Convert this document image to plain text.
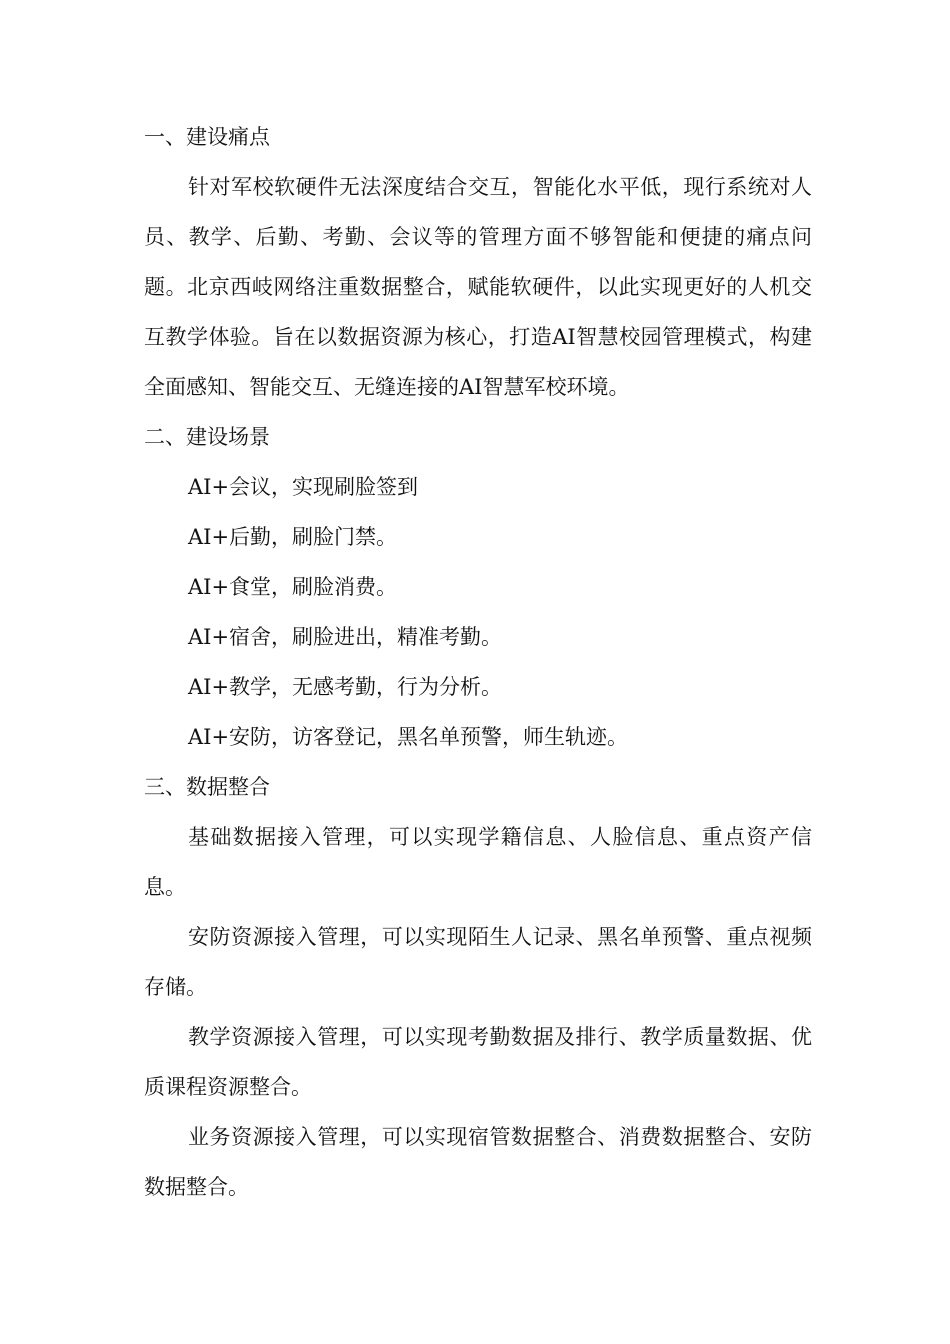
一、建设痛点

针对军校软硬件无法深度结合交互，智能化水平低，现行系统对人员、教学、后勤、考勤、会议等的管理方面不够智能和便捷的痛点问题。北京西岐网络注重数据整合，赋能软硬件，以此实现更好的人机交互教学体验。旨在以数据资源为核心，打造AI智慧校园管理模式，构建全面感知、智能交互、无缝连接的AI智慧军校环境。

二、建设场景

AI+会议，实现刷脸签到

AI+后勤，刷脸门禁。

AI+食堂，刷脸消费。

AI+宿舍，刷脸进出，精准考勤。

AI+教学，无感考勤，行为分析。

AI+安防，访客登记，黑名单预警，师生轨迹。

三、数据整合

基础数据接入管理，可以实现学籍信息、人脸信息、重点资产信息。

安防资源接入管理，可以实现陌生人记录、黑名单预警、重点视频存储。

教学资源接入管理，可以实现考勤数据及排行、教学质量数据、优质课程资源整合。

业务资源接入管理，可以实现宿管数据整合、消费数据整合、安防数据整合。
